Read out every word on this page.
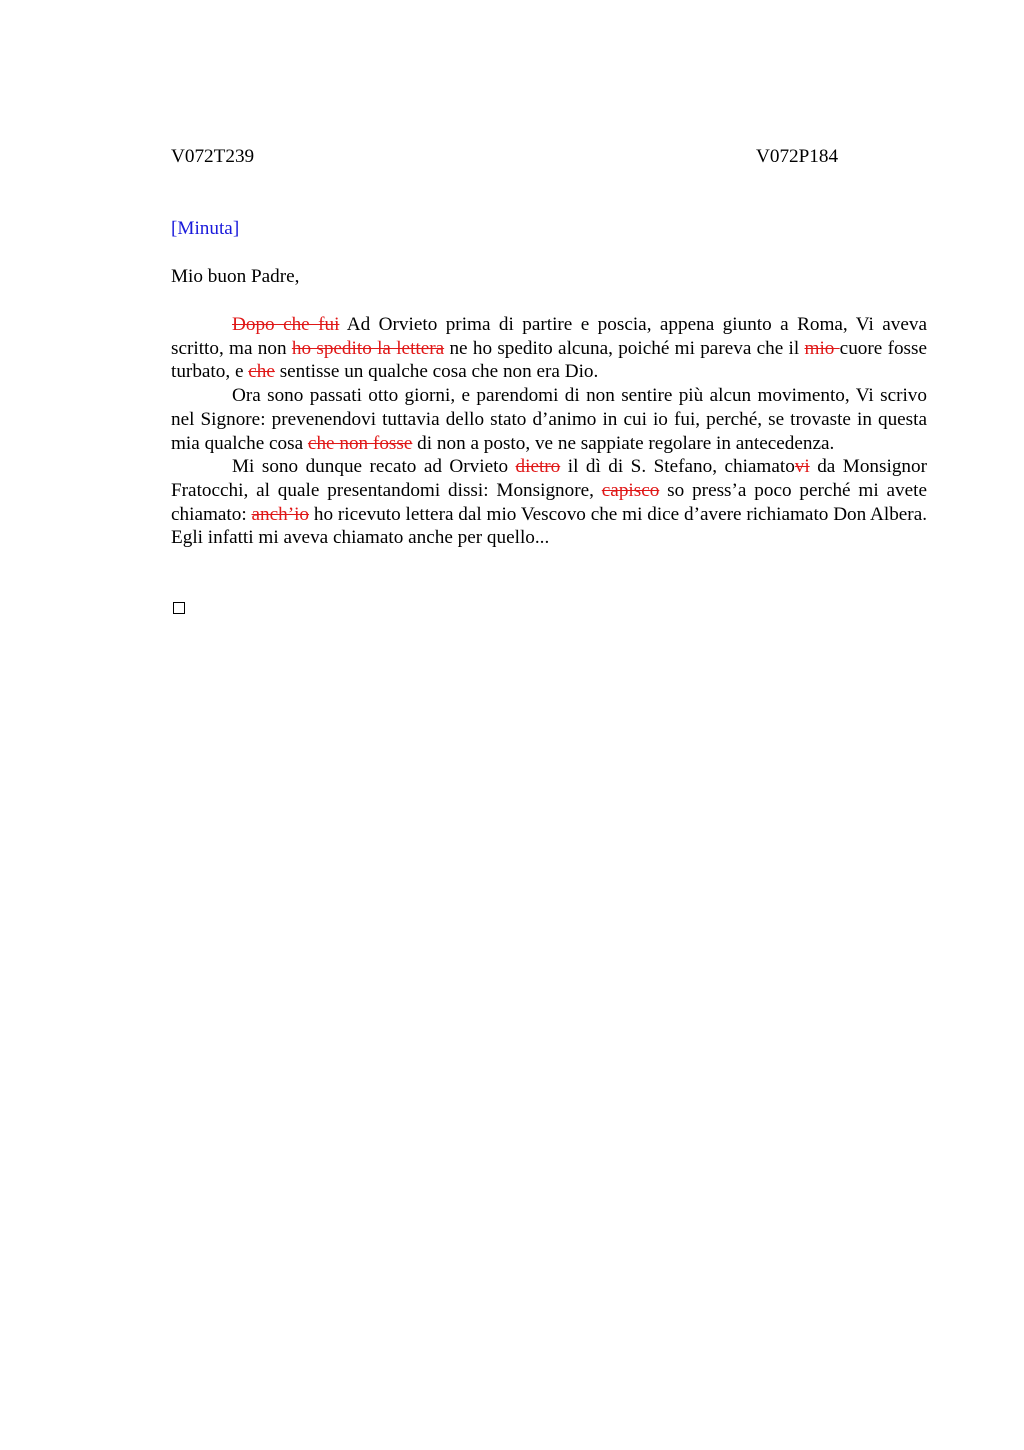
V072T239	V072P184
[Minuta]
Mio buon Padre,

Dopo che fui Ad Orvieto prima di partire e poscia, appena giunto a Roma, Vi aveva scritto, ma non ho spedito la lettera ne ho spedito alcuna, poiché mi pareva che il mio cuore fosse turbato, e che sentisse un qualche cosa che non era Dio.

Ora sono passati otto giorni, e parendomi di non sentire più alcun movimento, Vi scrivo nel Signore: prevenendovi tuttavia dello stato d’animo in cui io fui, perché, se trovaste in questa mia qualche cosa che non fosse di non a posto, ve ne sappiate regolare in antecedenza.

Mi sono dunque recato ad Orvieto dietro il dì di S. Stefano, chiamatovi da Monsignor Fratocchi, al quale presentandomi dissi: Monsignore, capisco so press’a poco perché mi avete chiamato: anch’io ho ricevuto lettera dal mio Vescovo che mi dice d’avere richiamato Don Albera. Egli infatti mi aveva chiamato anche per quello...
